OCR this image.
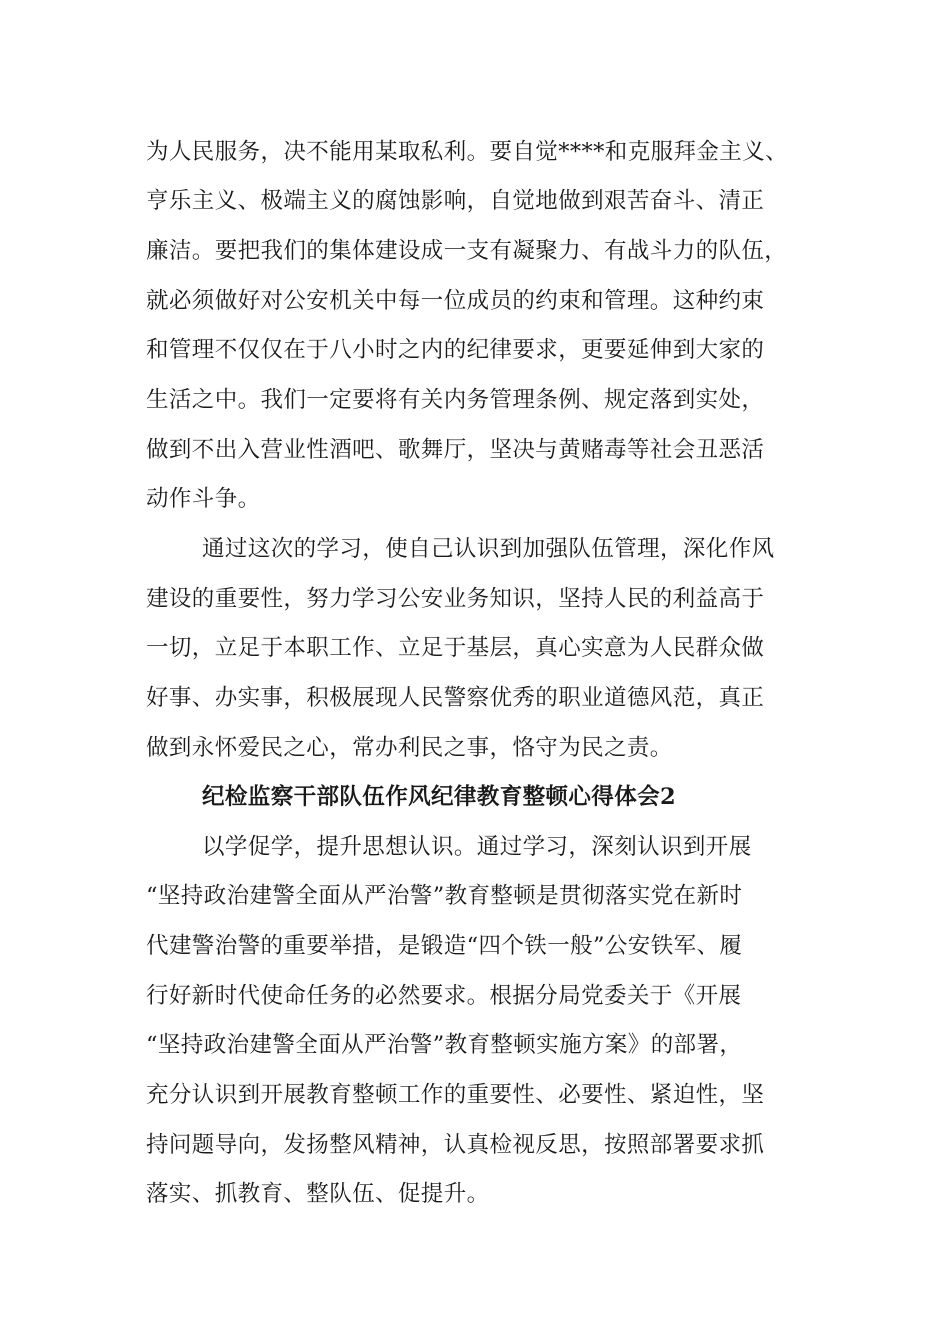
为人民服务，决不能用某取私利。要自觉****和克服拜金主义、
亨乐主义、极端主义的腐蚀影响，自觉地做到艰苦奋斗、清正
廉洁。要把我们的集体建设成一支有凝聚力、有战斗力的队伍，
就必须做好对公安机关中每一位成员的约束和管理。这种约束
和管理不仅仅在于八小时之内的纪律要求，更要延伸到大家的
生活之中。我们一定要将有关内务管理条例、规定落到实处，
做到不出入营业性酒吧、歌舞厅，坚决与黄赌毒等社会丑恶活
动作斗争。
通过这次的学习，使自己认识到加强队伍管理，深化作风
建设的重要性，努力学习公安业务知识，坚持人民的利益高于
一切，立足于本职工作、立足于基层，真心实意为人民群众做
好事、办实事，积极展现人民警察优秀的职业道德风范，真正
做到永怀爱民之心，常办利民之事，恪守为民之责。
纪检监察干部队伍作风纪律教育整顿心得体会2
以学促学，提升思想认识。通过学习，深刻认识到开展
“坚持政治建警全面从严治警”教育整顿是贯彻落实党在新时
代建警治警的重要举措，是锻造“四个铁一般”公安铁军、履
行好新时代使命任务的必然要求。根据分局党委关于《开展
“坚持政治建警全面从严治警”教育整顿实施方案》的部署，
充分认识到开展教育整顿工作的重要性、必要性、紧迫性，坚
持问题导向，发扬整风精神，认真检视反思，按照部署要求抓
落实、抓教育、整队伍、促提升。
